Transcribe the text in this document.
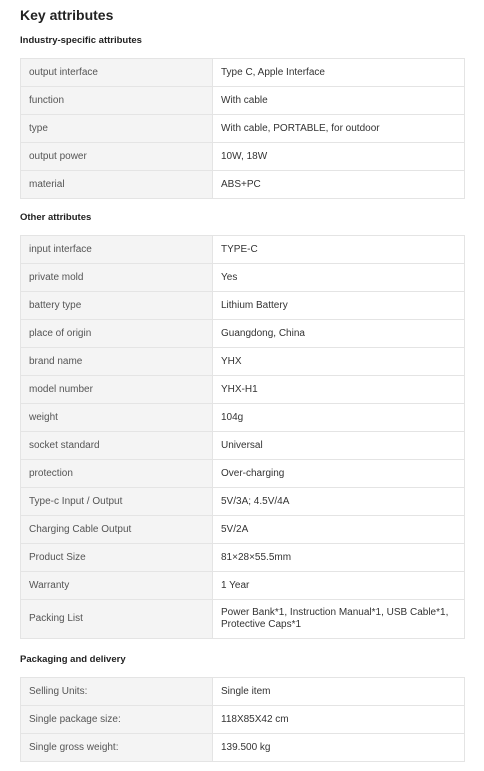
Key attributes
Industry-specific attributes
output interface	Type C, Apple Interface
function	With cable
type	With cable, PORTABLE, for outdoor
output power	10W, 18W
material	ABS+PC
Other attributes
input interface	TYPE-C
private mold	Yes
battery type	Lithium Battery
place of origin	Guangdong, China
brand name	YHX
model number	YHX-H1
weight	104g
socket standard	Universal
protection	Over-charging
Type-c Input / Output	5V/3A; 4.5V/4A
Charging Cable Output	5V/2A
Product Size	81×28×55.5mm
Warranty	1 Year
Packing List	Power Bank*1, Instruction Manual*1, USB Cable*1, Protective Caps*1
Packaging and delivery
Selling Units:	Single item
Single package size:	118X85X42 cm
Single gross weight:	139.500 kg
